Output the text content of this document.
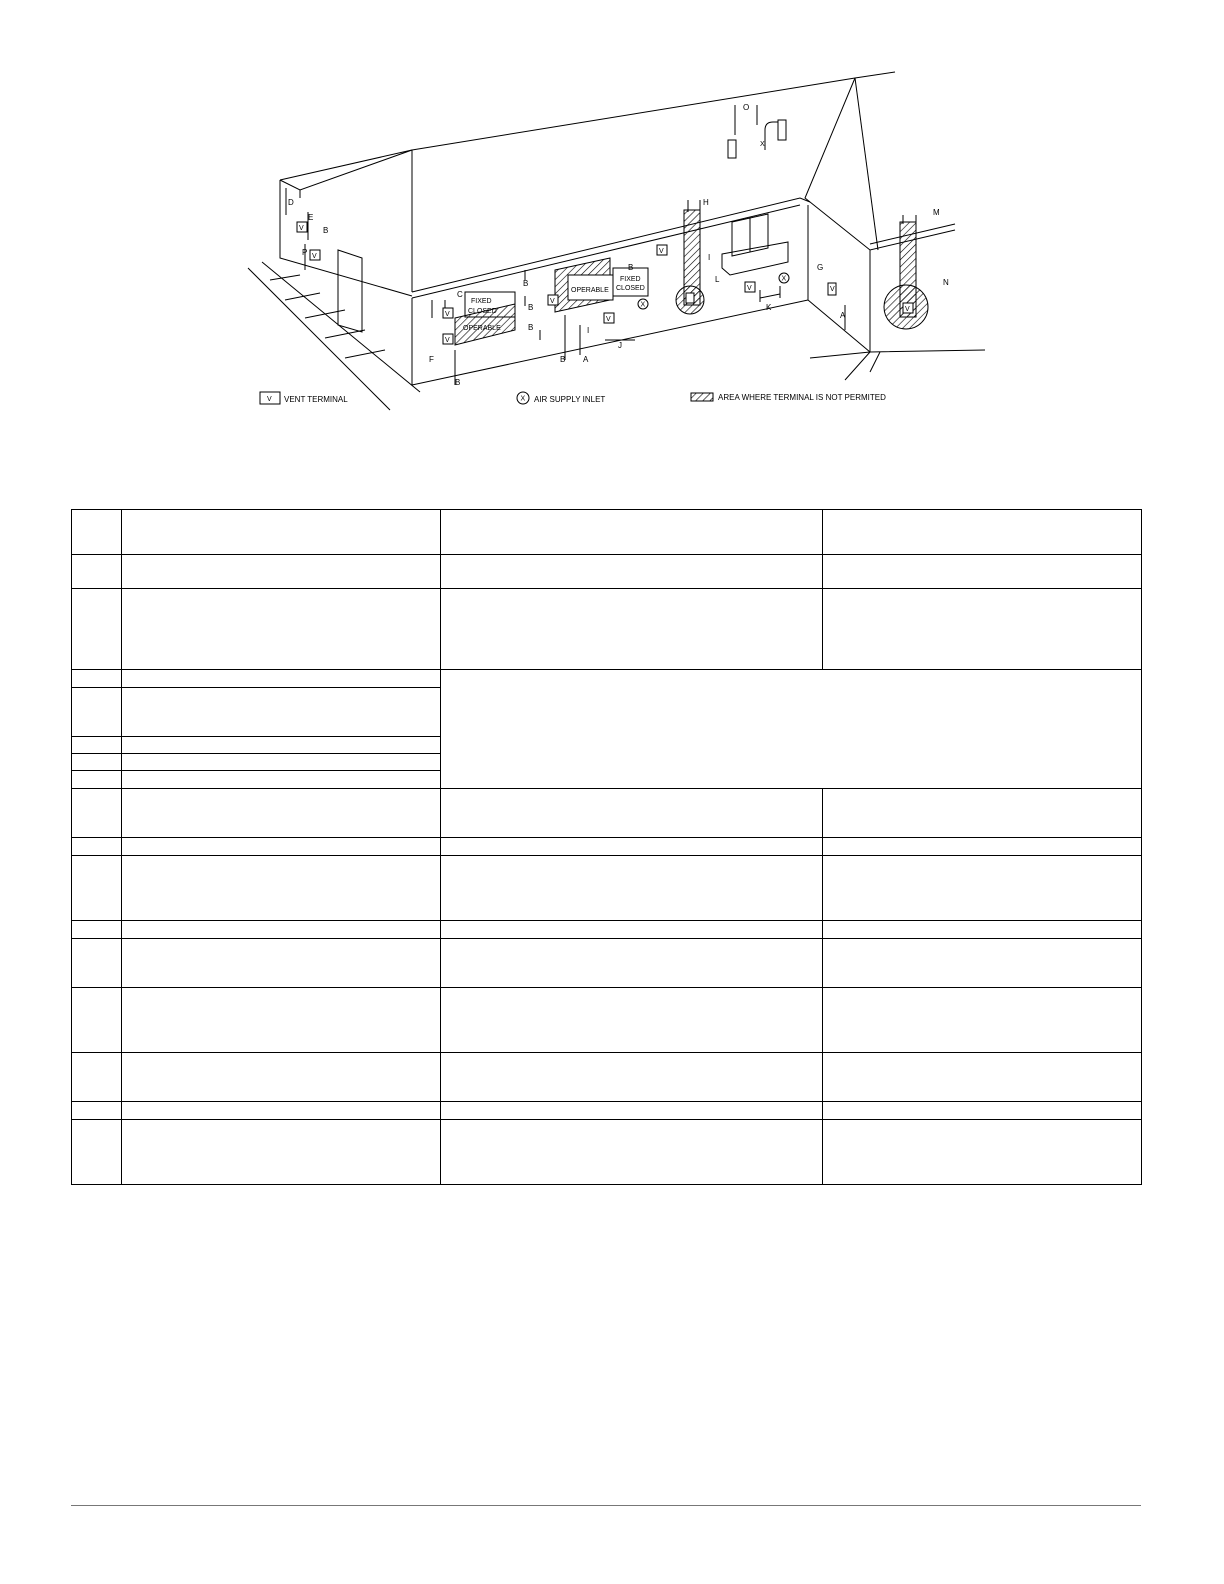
V
V
V
V
V
V
V
V	V
V
X
X
X
FIXED
CLOSED
OPERABLE
OPERABLE
FIXED
CLOSED
D
E
B
P
C
F
B
B
B
B
B
B A
I
J
H
I
L
K
G
A
M
N
O
V VENT TERMINAL	X AIR SUPPLY INLET	AREA WHERE TERMINAL IS NOT PERMITED
